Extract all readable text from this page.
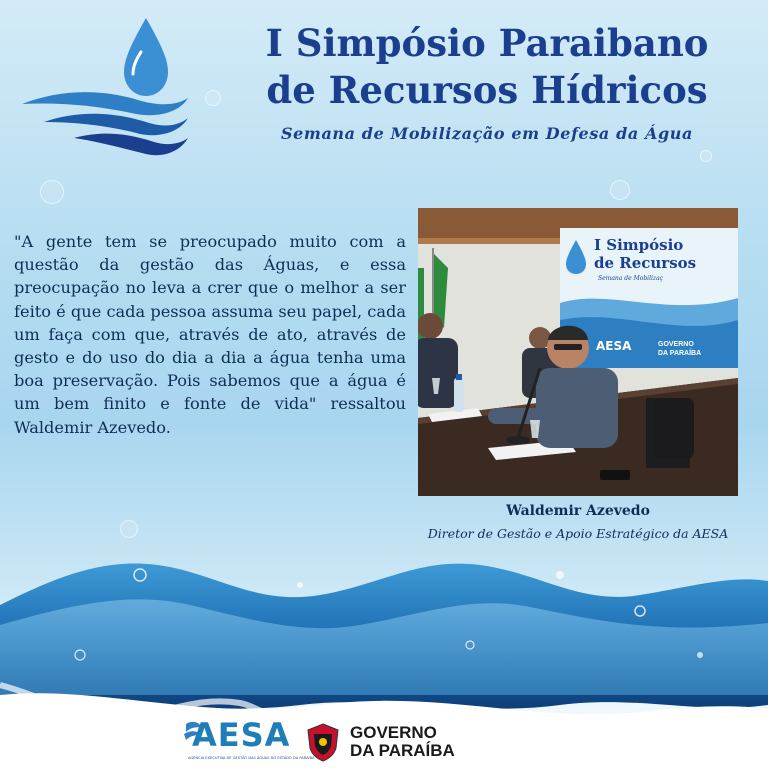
I Simpósio Paraibano
de Recursos Hídricos
Semana de Mobilização em Defesa da Água
"A gente tem se preocupado muito com a questão da gestão das Águas, e essa preocupação no leva a crer que o melhor a ser feito é que cada pessoa assuma seu papel, cada um faça com que, através de ato, através de gesto e do uso do dia a dia a água tenha uma boa preservação. Pois sabemos que a água é um bem finito e fonte de vida" ressaltou Waldemir Azevedo.
I Simpósio
de Recursos
Semana de Mobilizaç
AESA	GOVERNO
DA PARAÍBA
Waldemir Azevedo
Diretor de Gestão e Apoio Estratégico da AESA
AESA
AGÊNCIA EXECUTIVA DE GESTÃO DAS ÁGUAS DO ESTADO DA PARAÍBA
GOVERNO
DA PARAÍBA
